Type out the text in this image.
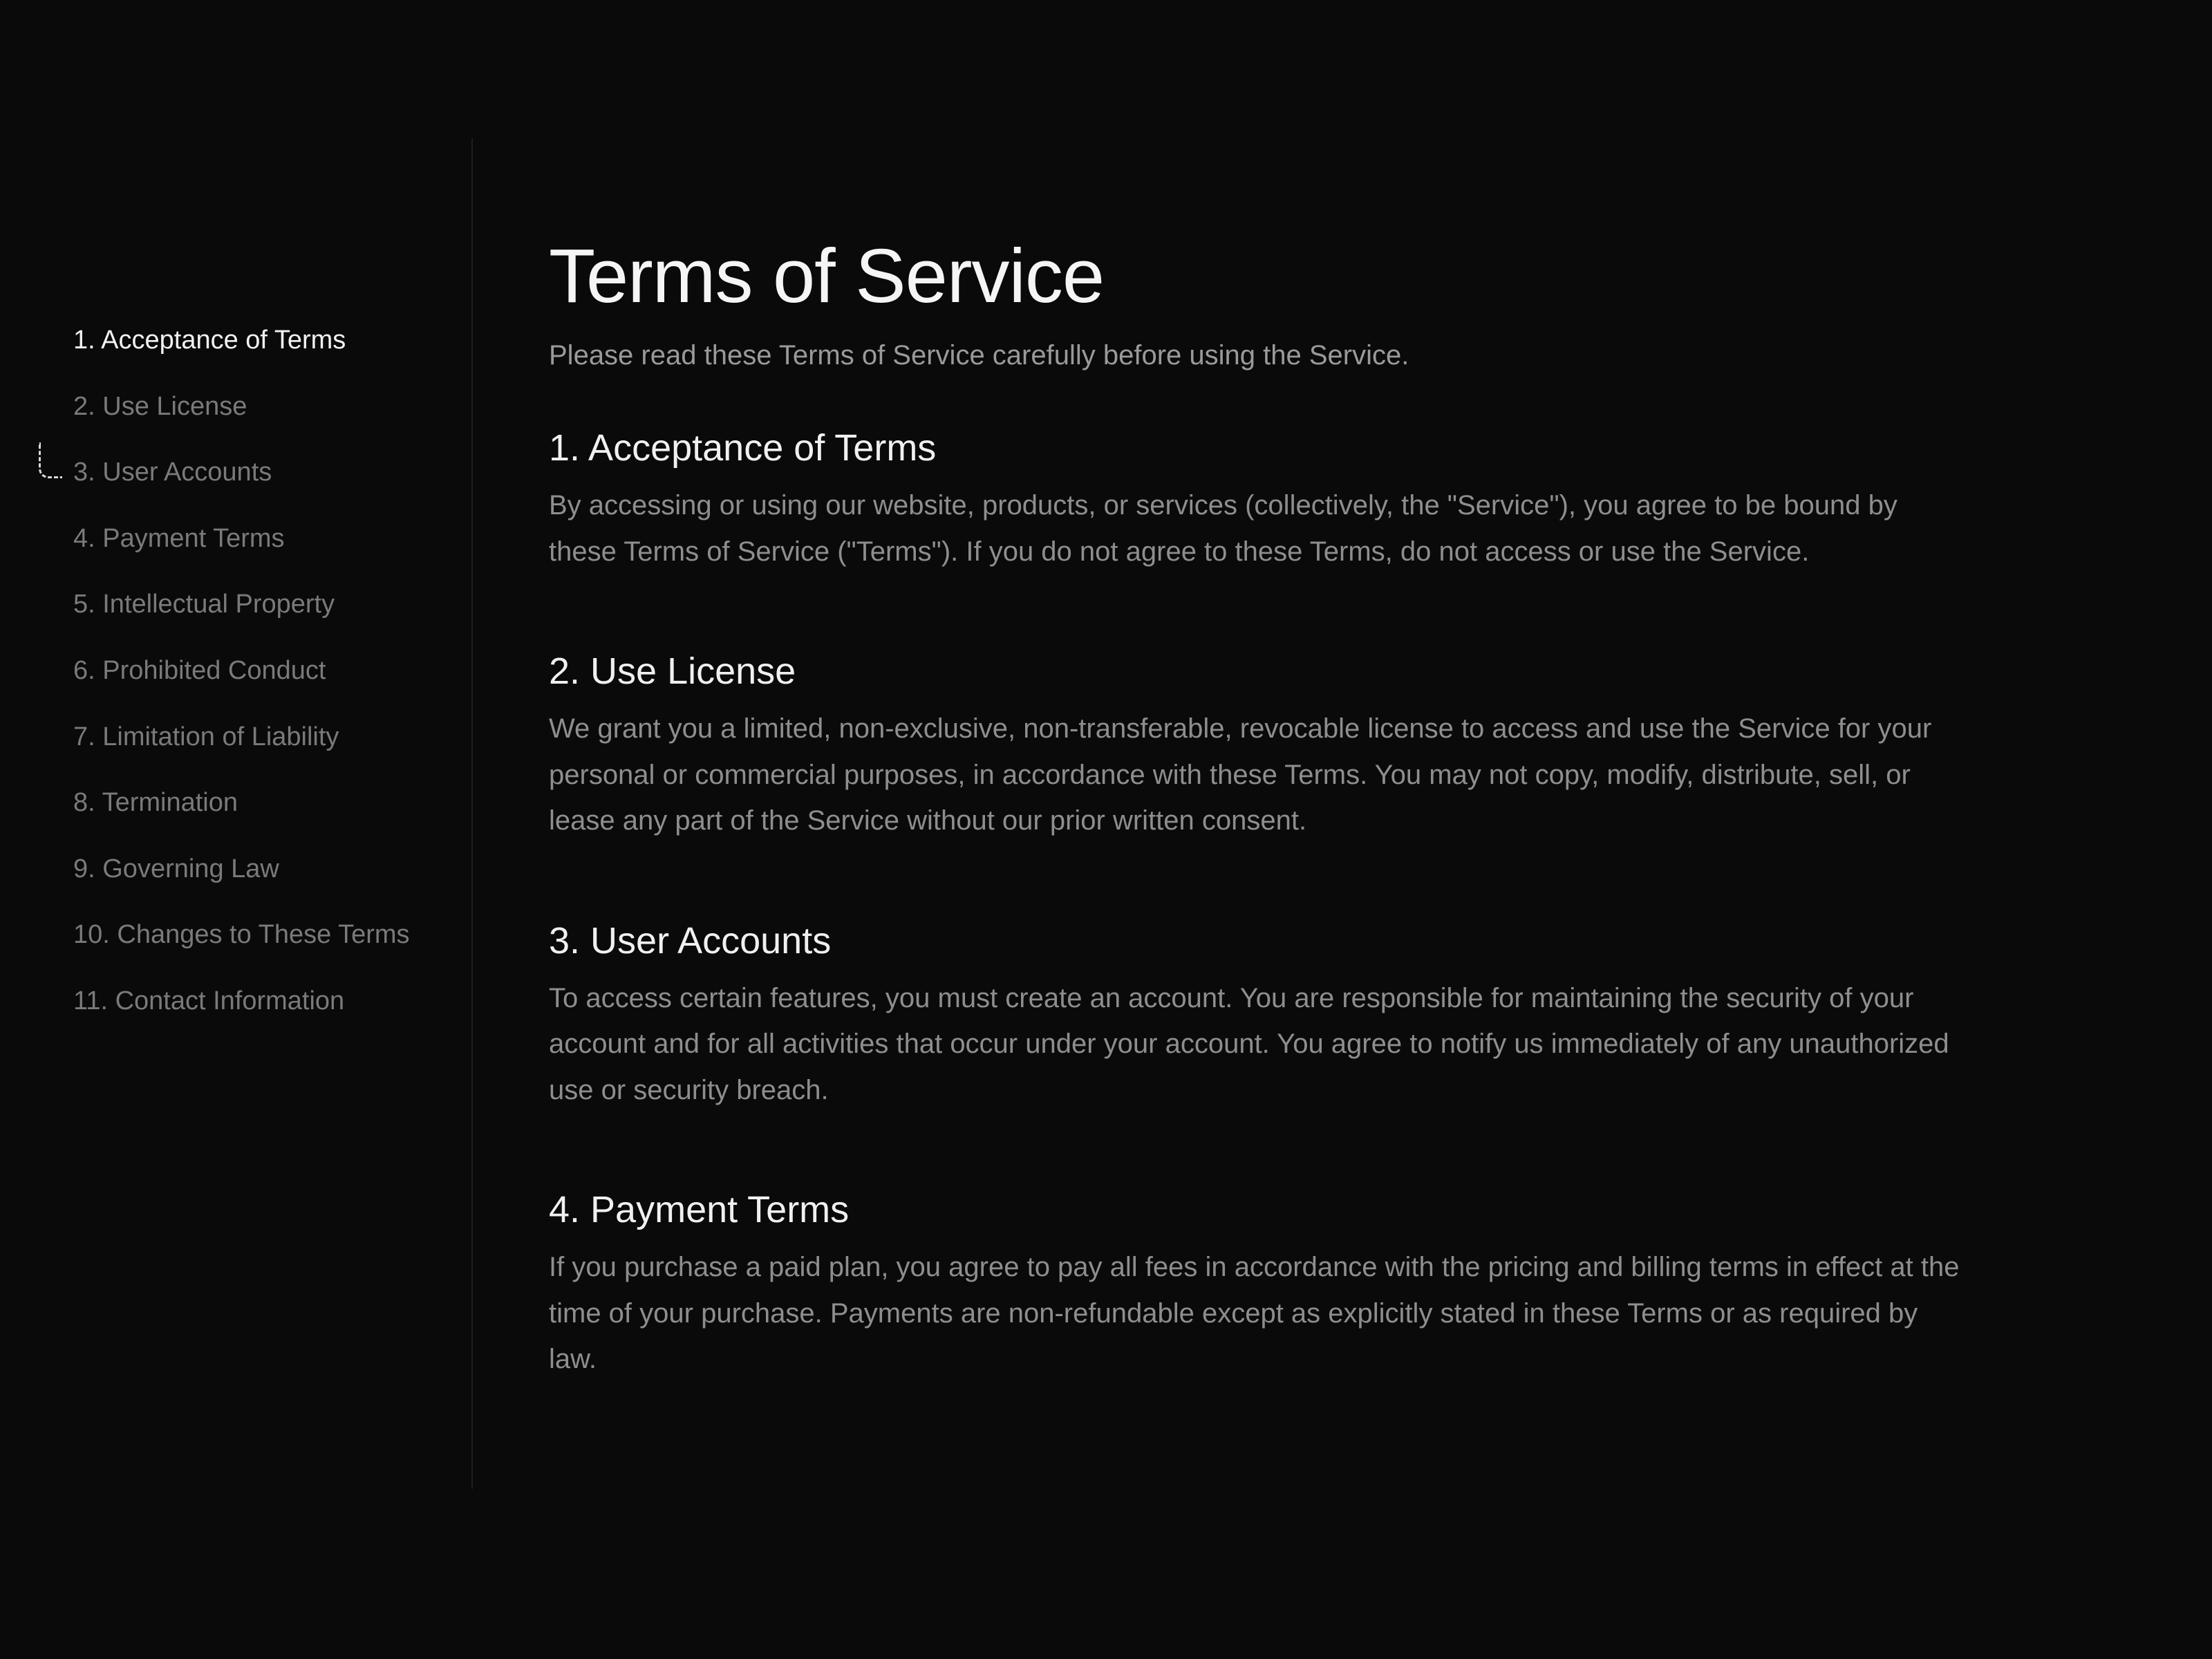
1. Acceptance of Terms
2. Use License
3. User Accounts
4. Payment Terms
5. Intellectual Property
6. Prohibited Conduct
7. Limitation of Liability
8. Termination
9. Governing Law
10. Changes to These Terms
11. Contact Information
Terms of Service

Please read these Terms of Service carefully before using the Service.

1. Acceptance of Terms

By accessing or using our website, products, or services (collectively, the "Service"), you agree to be bound by these Terms of Service ("Terms"). If you do not agree to these Terms, do not access or use the Service.

2. Use License

We grant you a limited, non-exclusive, non-transferable, revocable license to access and use the Service for your personal or commercial purposes, in accordance with these Terms. You may not copy, modify, distribute, sell, or lease any part of the Service without our prior written consent.

3. User Accounts

To access certain features, you must create an account. You are responsible for maintaining the security of your account and for all activities that occur under your account. You agree to notify us immediately of any unauthorized use or security breach.

4. Payment Terms

If you purchase a paid plan, you agree to pay all fees in accordance with the pricing and billing terms in effect at the time of your purchase. Payments are non-refundable except as explicitly stated in these Terms or as required by law.
